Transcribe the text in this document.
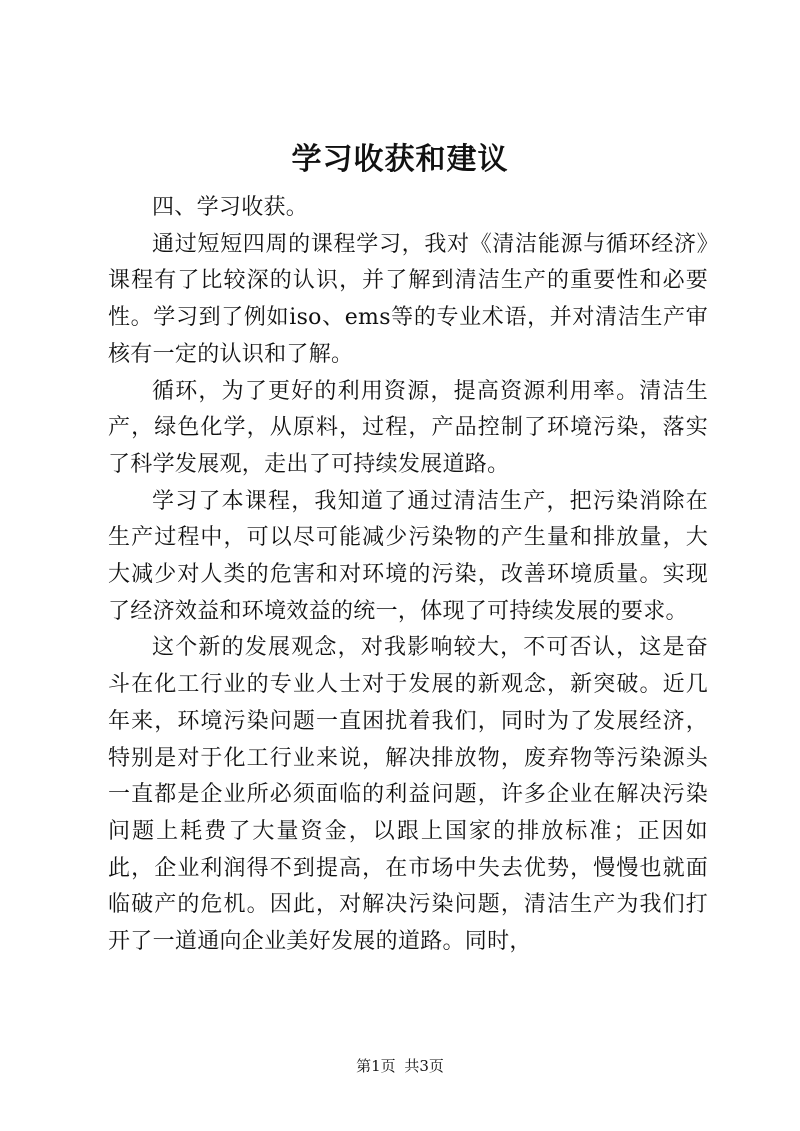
学习收获和建议

四、学习收获。

通过短短四周的课程学习，我对《清洁能源与循环经济》课程有了比较深的认识，并了解到清洁生产的重要性和必要性。学习到了例如iso、ems等的专业术语，并对清洁生产审核有一定的认识和了解。

循环，为了更好的利用资源，提高资源利用率。清洁生产，绿色化学，从原料，过程，产品控制了环境污染，落实了科学发展观，走出了可持续发展道路。

学习了本课程，我知道了通过清洁生产，把污染消除在生产过程中，可以尽可能减少污染物的产生量和排放量，大大减少对人类的危害和对环境的污染，改善环境质量。实现了经济效益和环境效益的统一，体现了可持续发展的要求。

这个新的发展观念，对我影响较大，不可否认，这是奋斗在化工行业的专业人士对于发展的新观念，新突破。近几年来，环境污染问题一直困扰着我们，同时为了发展经济，特别是对于化工行业来说，解决排放物，废弃物等污染源头一直都是企业所必须面临的利益问题，许多企业在解决污染问题上耗费了大量资金，以跟上国家的排放标准；正因如此，企业利润得不到提高，在市场中失去优势，慢慢也就面临破产的危机。因此，对解决污染问题，清洁生产为我们打开了一道通向企业美好发展的道路。同时，

第1页 共3页
